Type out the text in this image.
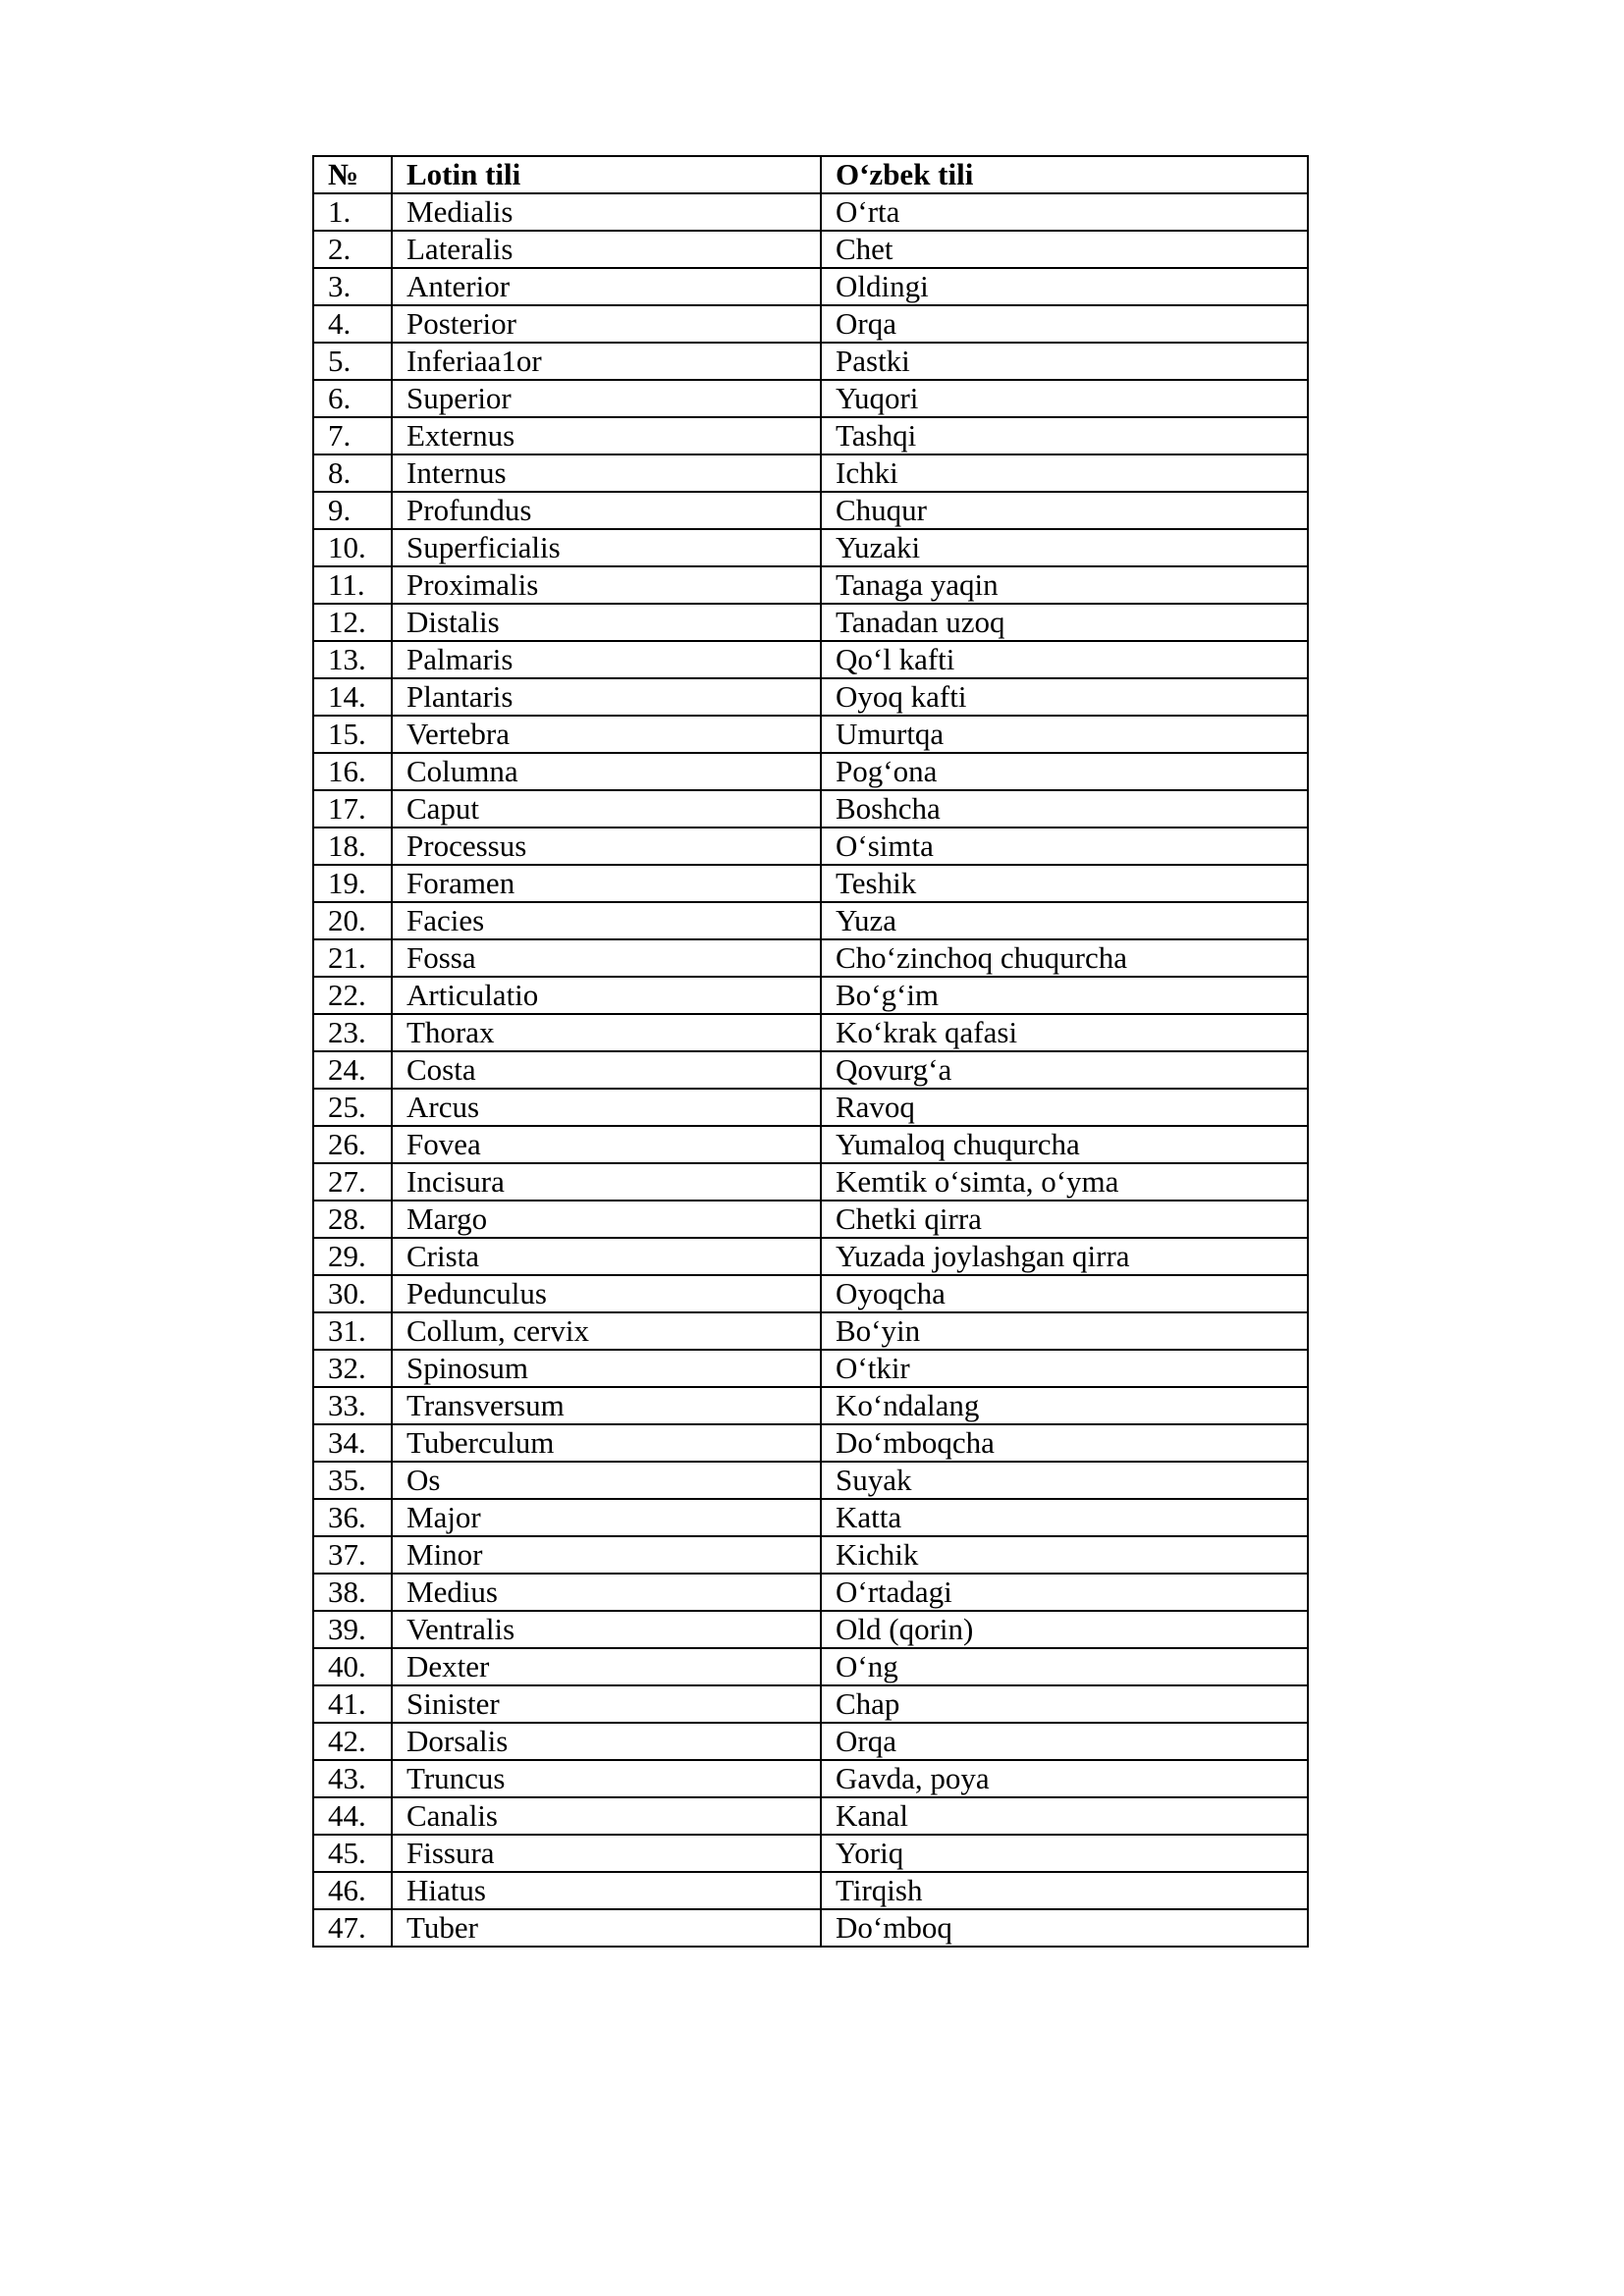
№	Lotin tili	O‘zbek tili
1.	Medialis	O‘rta
2.	Lateralis	Chet
3.	Anterior	Oldingi
4.	Posterior	Orqa
5.	Inferiaa1or	Pastki
6.	Superior	Yuqori
7.	Externus	Tashqi
8.	Internus	Ichki
9.	Profundus	Chuqur
10.	Superficialis	Yuzaki
11.	Proximalis	Tanaga yaqin
12.	Distalis	Tanadan uzoq
13.	Palmaris	Qo‘l kafti
14.	Plantaris	Oyoq kafti
15.	Vertebra	Umurtqa
16.	Columna	Pog‘ona
17.	Caput	Boshcha
18.	Processus	O‘simta
19.	Foramen	Teshik
20.	Facies	Yuza
21.	Fossa	Cho‘zinchoq chuqurcha
22.	Articulatio	Bo‘g‘im
23.	Thorax	Ko‘krak qafasi
24.	Costa	Qovurg‘a
25.	Arcus	Ravoq
26.	Fovea	Yumaloq chuqurcha
27.	Incisura	Kemtik o‘simta, o‘yma
28.	Margo	Chetki qirra
29.	Crista	Yuzada joylashgan qirra
30.	Pedunculus	Oyoqcha
31.	Collum, cervix	Bo‘yin
32.	Spinosum	O‘tkir
33.	Transversum	Ko‘ndalang
34.	Tuberculum	Do‘mboqcha
35.	Os	Suyak
36.	Major	Katta
37.	Minor	Kichik
38.	Medius	O‘rtadagi
39.	Ventralis	Old (qorin)
40.	Dexter	O‘ng
41.	Sinister	Chap
42.	Dorsalis	Orqa
43.	Truncus	Gavda, poya
44.	Canalis	Kanal
45.	Fissura	Yoriq
46.	Hiatus	Tirqish
47.	Tuber	Do‘mboq
